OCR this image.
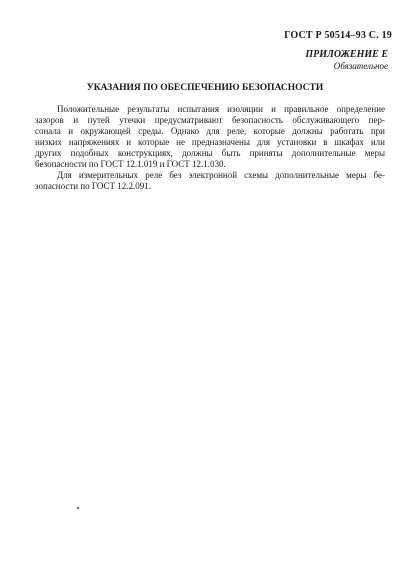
ГОСТ Р 50514–93 С. 19
ПРИЛОЖЕНИЕ Е
Обязательное
УКАЗАНИЯ ПО ОБЕСПЕЧЕНИЮ БЕЗОПАСНОСТИ

Положительные результаты испытания изоляции и правильное определение
зазоров и путей утечки предусматривают безопасность обслуживающего пер-
сонала и окружающей среды. Однако для реле, которые должны работать при
низких напряжениях и которые не предназначены для установки в шкафах или
других подобных конструкциях, должны быть приняты дополнительные меры
безопасности по ГОСТ 12.1.019 и ГОСТ 12.1.030.

Для измерительных реле без электронной схемы дополнительные меры бе-
зопасности по ГОСТ 12.2.091.
